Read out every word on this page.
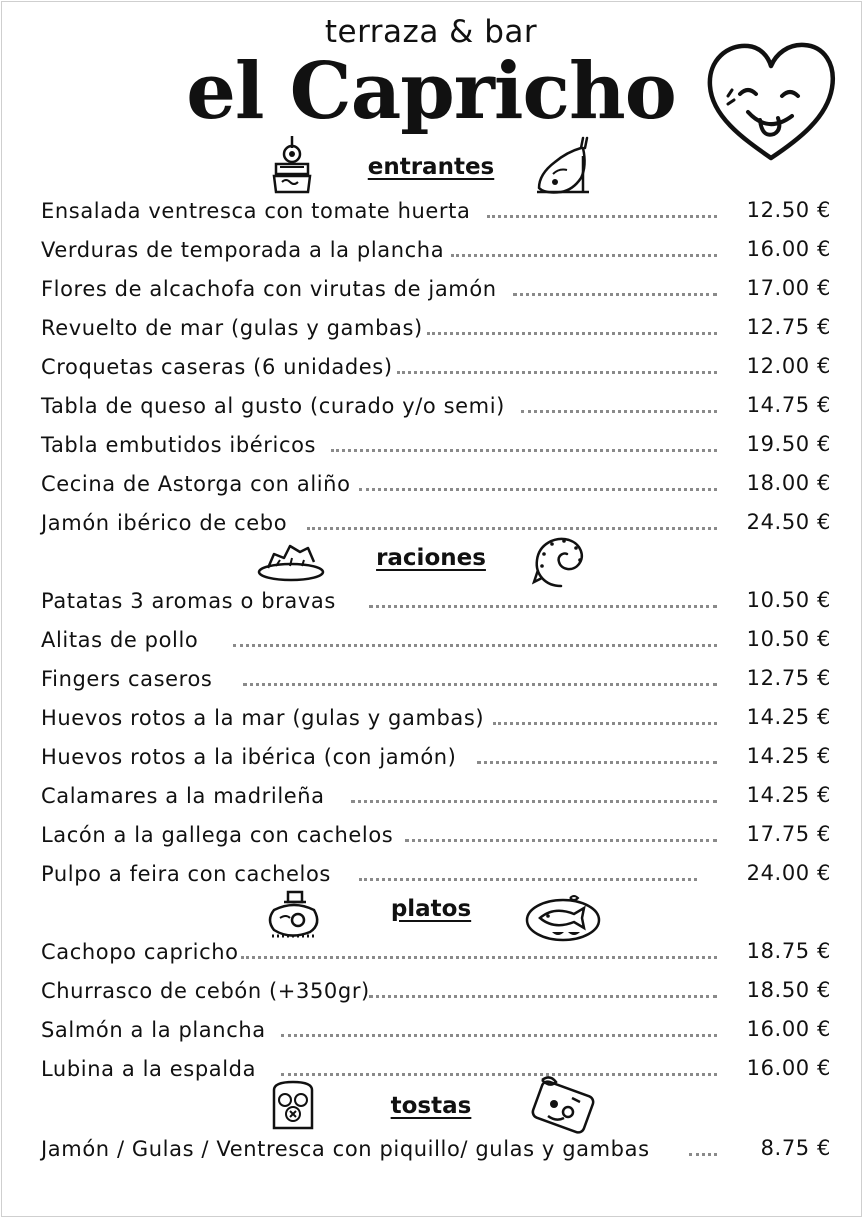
terraza & bar
el Capricho
entrantes
Ensalada ventresca con tomate huerta	12.50 €
Verduras de temporada a la plancha	16.00 €
Flores de alcachofa con virutas de jamón	17.00 €
Revuelto de mar (gulas y gambas)	12.75 €
Croquetas caseras (6 unidades)	12.00 €
Tabla de queso al gusto (curado y/o semi)	14.75 €
Tabla embutidos ibéricos	19.50 €
Cecina de Astorga con aliño	18.00 €
Jamón ibérico de cebo	24.50 €
raciones
Patatas 3 aromas o bravas	10.50 €
Alitas de pollo	10.50 €
Fingers caseros	12.75 €
Huevos rotos a la mar (gulas y gambas)	14.25 €
Huevos rotos a la ibérica (con jamón)	14.25 €
Calamares a la madrileña	14.25 €
Lacón a la gallega con cachelos	17.75 €
Pulpo a feira con cachelos	24.00 €
platos
Cachopo capricho	18.75 €
Churrasco de cebón (+350gr)	18.50 €
Salmón a la plancha	16.00 €
Lubina a la espalda	16.00 €
tostas
Jamón / Gulas / Ventresca con piquillo/ gulas y gambas	8.75 €
